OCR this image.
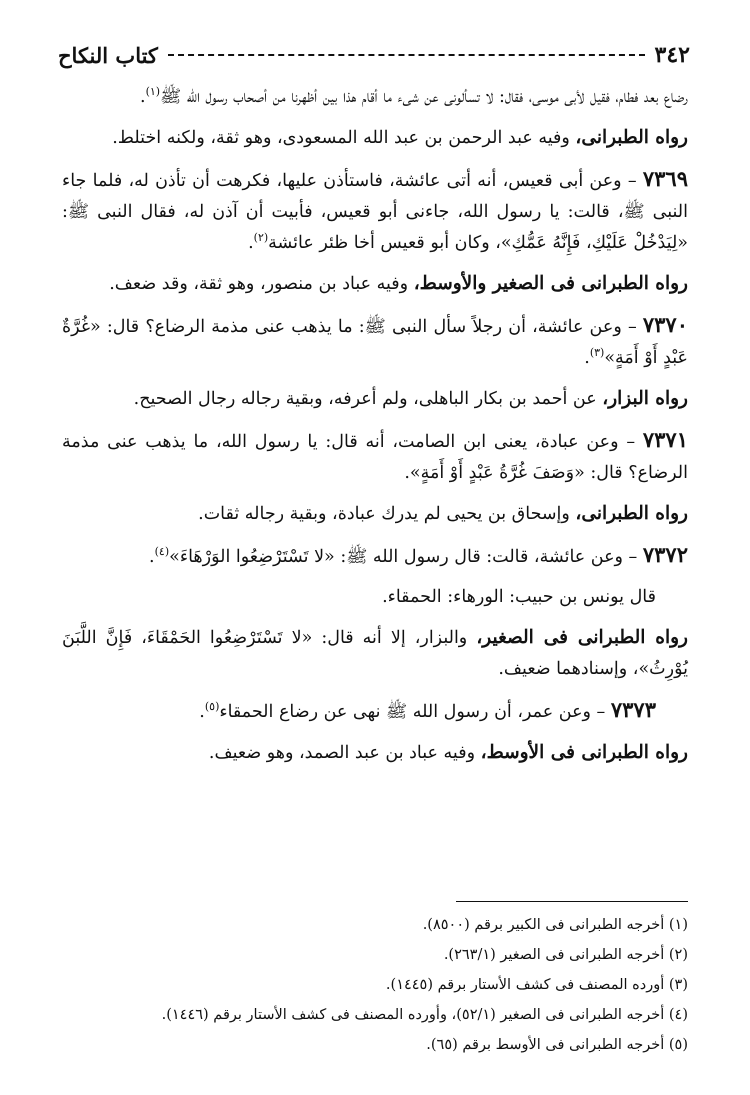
٣٤٢
كتاب النكاح

رضاع بعد فطام، فقيل لأبى موسى، فقال: لا تسألونى عن شىء ما أقام هذا بين أظهرنا من أصحاب رسول الله ﷺ$^{(١)}$.

رواه الطبرانى، وفيه عبد الرحمن بن عبد الله المسعودى، وهو ثقة، ولكنه اختلط.

٧٣٦٩ – وعن أبى قعيس، أنه أتى عائشة، فاستأذن عليها، فكرهت أن تأذن له، فلما جاء النبى ﷺ، قالت: يا رسول الله، جاءنى أبو قعيس، فأبيت أن آذن له، فقال النبى ﷺ: «لِيَدْخُلْ عَلَيْكِ، فَإِنَّهُ عَمُّكِ»، وكان أبو قعيس أخا ظئر عائشة$^{(٢)}$.

رواه الطبرانى فى الصغير والأوسط، وفيه عباد بن منصور، وهو ثقة، وقد ضعف.

٧٣٧٠ – وعن عائشة، أن رجلاً سأل النبى ﷺ: ما يذهب عنى مذمة الرضاع؟ قال: «غُرَّةٌ عَبْدٍ أَوْ أَمَةٍ»$^{(٣)}$.

رواه البزار، عن أحمد بن بكار الباهلى، ولم أعرفه، وبقية رجاله رجال الصحيح.

٧٣٧١ – وعن عبادة، يعنى ابن الصامت، أنه قال: يا رسول الله، ما يذهب عنى مذمة الرضاع؟ قال: «وَصَفَ غُرَّةُ عَبْدٍ أَوْ أَمَةٍ».

رواه الطبرانى، وإسحاق بن يحيى لم يدرك عبادة، وبقية رجاله ثقات.

٧٣٧٢ – وعن عائشة، قالت: قال رسول الله ﷺ: «لا تَسْتَرْضِعُوا الوَرْهَاءَ»$^{(٤)}$.

قال يونس بن حبيب: الورهاء: الحمقاء.

رواه الطبرانى فى الصغير، والبزار، إلا أنه قال: «لا تَسْتَرْضِعُوا الحَمْقَاءَ، فَإِنَّ اللَّبَنَ يُوْرِثُ»، وإسنادهما ضعيف.

٧٣٧٣ – وعن عمر، أن رسول الله ﷺ نهى عن رضاع الحمقاء$^{(٥)}$.

رواه الطبرانى فى الأوسط، وفيه عباد بن عبد الصمد، وهو ضعيف.

(١) أخرجه الطبرانى فى الكبير برقم (٨٥٠٠).
(٢) أخرجه الطبرانى فى الصغير (٢٦٣/١).
(٣) أورده المصنف فى كشف الأستار برقم (١٤٤٥).
(٤) أخرجه الطبرانى فى الصغير (٥٢/١)، وأورده المصنف فى كشف الأستار برقم (١٤٤٦).
(٥) أخرجه الطبرانى فى الأوسط برقم (٦٥).
